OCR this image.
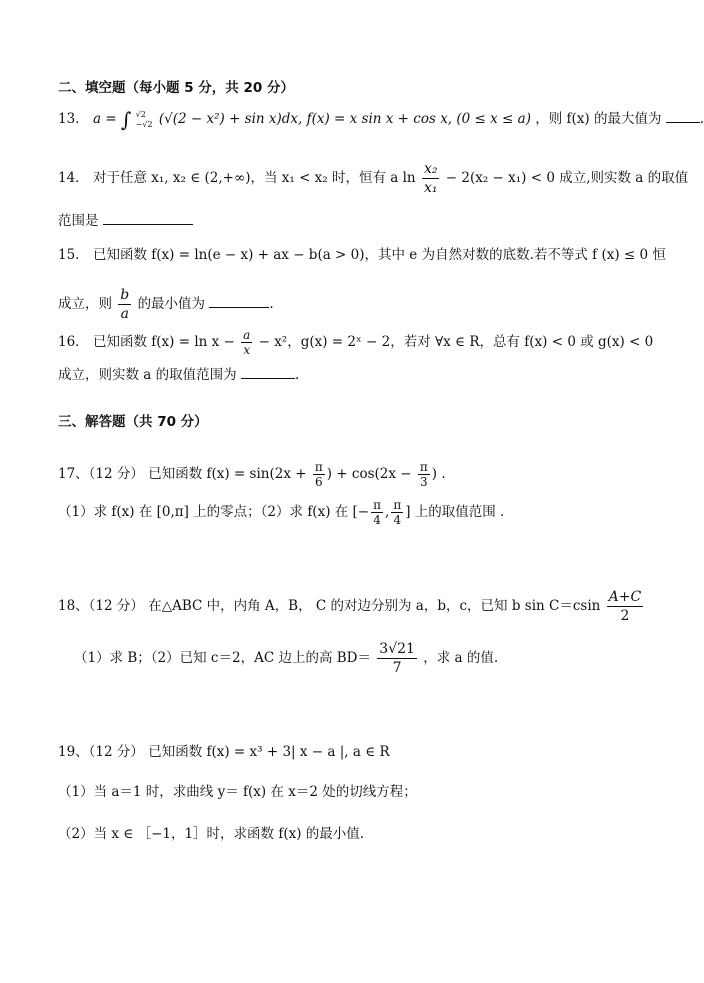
二、填空题（每小题 5 分，共 20 分）
13． a = ∫ √2
−√2 (√(2 − x²) + sin x)dx, f(x) = x sin x + cos x, (0 ≤ x ≤ a) ，则 f(x) 的最大值为	.
14． 对于任意 x₁, x₂ ∈ (2,+∞)，当 x₁ < x₂ 时，恒有 a $\ln \frac{\text{x₂}}{\text{x₁}} - 2(x_2 - x_1) < 0$ 成立,则实数 a 的取值
范围是
15． 已知函数 f(x) = ln(e − x) + ax − b(a > 0)，其中 e 为自然对数的底数.若不等式 f (x) ≤ 0 恒
成立，则 $\frac{b}{a}$ 的最小值为	.
16． 已知函数 $f(x) = \ln x - \frac{a}{x} - x^2$，g(x) = 2ˣ − 2，若对 ∀x ∈ R，总有 f(x) < 0 或 g(x) < 0
成立，则实数 a 的取值范围为	.
三、解答题（共 70 分）
17、（12 分） 已知函数 $f(x) = \sin(2x + \frac{\pi}{6}$ ) + $\cos(2x - \frac{\pi}{3}$ ) .
（1）求 f(x) 在 [0,π] 上的零点；（2）求 f(x) 在 [− $\frac{\pi}{4}$ , $\frac{\pi}{4}$ ] 上的取值范围 .
18、（12 分） 在△ABC 中，内角 A，B， C 的对边分别为 a，b，c，已知 b $\sin C=csin \frac{A+C}{2}$
（1）求 B；（2）已知 c＝2，AC 边上的高 $BD= \frac{3√21}{7}$ ，求 a 的值.
19、（12 分） 已知函数 f(x) = x³ + 3| x − a |, a ∈ R
（1）当 a＝1 时，求曲线 y＝ f(x) 在 x＝2 处的切线方程；
（2）当 x ∈ ［−1，1］时，求函数 f(x) 的最小值.
